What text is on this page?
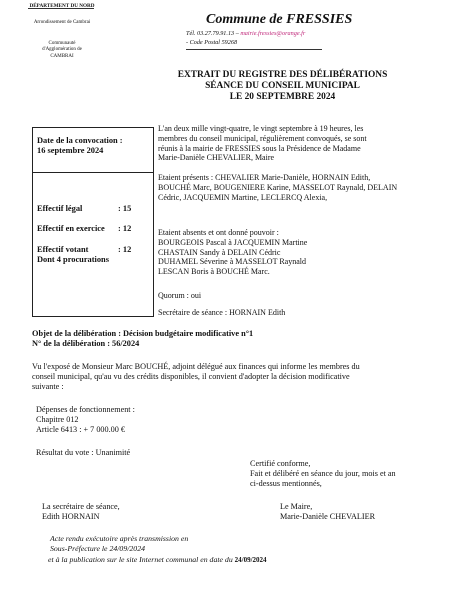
DÉPARTEMENT DU NORD
Arrondissement de Cambrai
Communauté
d'Agglomération de
CAMBRAI
Commune de FRESSIES
Tél. 03.27.79.91.13 – mairie.fressies@orange.fr
- Code Postal 59268
EXTRAIT DU REGISTRE DES DÉLIBÉRATIONS
SÉANCE DU CONSEIL MUNICIPAL
LE 20 SEPTEMBRE 2024
Date de la convocation :
16 septembre 2024
Effectif légal	: 15
Effectif en exercice : 12
Effectif votant	: 12
Dont 4 procurations
L'an deux mille vingt-quatre, le vingt septembre à 19 heures, les
membres du conseil municipal, régulièrement convoqués, se sont
réunis à la mairie de FRESSIES sous la Présidence de Madame
Marie-Danièle CHEVALIER, Maire
Etaient présents : CHEVALIER Marie-Danièle, HORNAIN Edith,
BOUCHÉ Marc, BOUGENIERE Karine, MASSELOT Raynald, DELAIN
Cédric, JACQUEMIN Martine, LECLERCQ Alexia,
Etaient absents et ont donné pouvoir :
BOURGEOIS Pascal à JACQUEMIN Martine
CHASTAIN Sandy à DELAIN Cédric
DUHAMEL Séverine à MASSELOT Raynald
LESCAN Boris à BOUCHÉ Marc.
Quorum : oui
Secrétaire de séance : HORNAIN Edith
Objet de la délibération : Décision budgétaire modificative n°1
N° de la délibération : 56/2024
Vu l'exposé de Monsieur Marc BOUCHÉ, adjoint délégué aux finances qui informe les membres du
conseil municipal, qu'au vu des crédits disponibles, il convient d'adopter la décision modificative
suivante :
Dépenses de fonctionnement :
Chapitre 012
Article 6413 : + 7 000.00 €
Résultat du vote : Unanimité
Certifié conforme,
Fait et délibéré en séance du jour, mois et an
ci-dessus mentionnés,
La secrétaire de séance,
Edith HORNAIN
Le Maire,
Marie-Danièle CHEVALIER
Acte rendu exécutoire après transmission en
Sous-Préfecture le 24/09/2024
et à la publication sur le site Internet communal en date du 24/09/2024
